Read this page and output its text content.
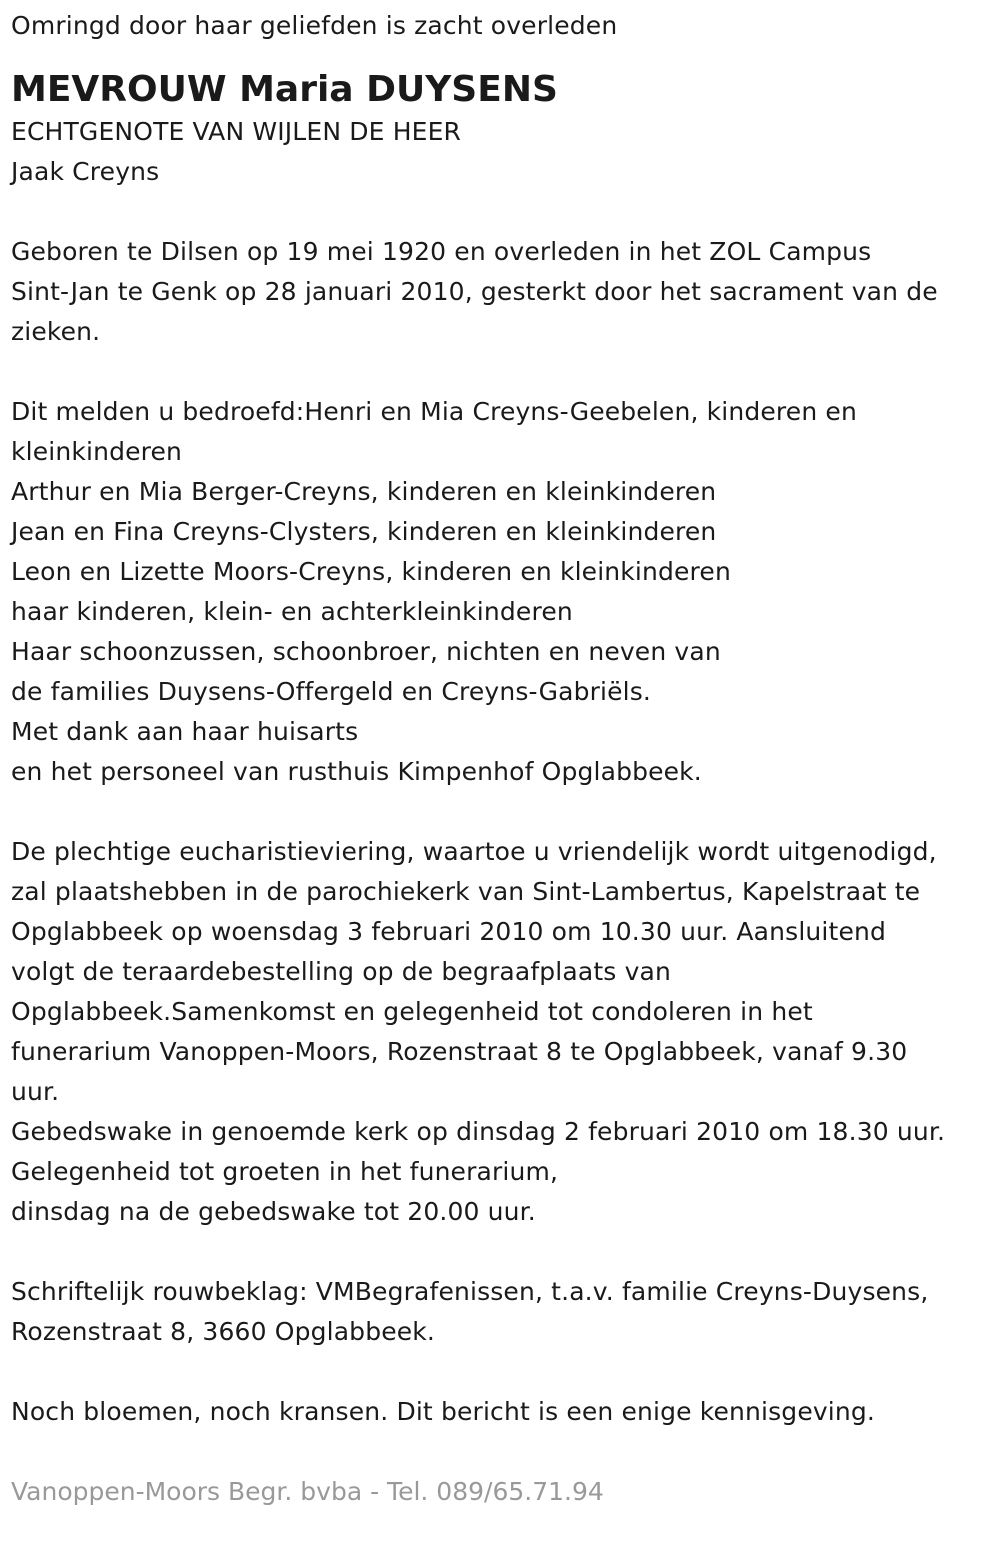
Omringd door haar geliefden is zacht overleden
MEVROUW Maria DUYSENS
ECHTGENOTE VAN WIJLEN DE HEER
Jaak Creyns
Geboren te Dilsen op 19 mei 1920 en overleden in het ZOL Campus
Sint-Jan te Genk op 28 januari 2010, gesterkt door het sacrament van de
zieken.
Dit melden u bedroefd:Henri en Mia Creyns-Geebelen, kinderen en
kleinkinderen
Arthur en Mia Berger-Creyns, kinderen en kleinkinderen
Jean en Fina Creyns-Clysters, kinderen en kleinkinderen
Leon en Lizette Moors-Creyns, kinderen en kleinkinderen
haar kinderen, klein- en achterkleinkinderen
Haar schoonzussen, schoonbroer, nichten en neven van
de families Duysens-Offergeld en Creyns-Gabriëls.
Met dank aan haar huisarts
en het personeel van rusthuis Kimpenhof Opglabbeek.
De plechtige eucharistieviering, waartoe u vriendelijk wordt uitgenodigd,
zal plaatshebben in de parochiekerk van Sint-Lambertus, Kapelstraat te
Opglabbeek op woensdag 3 februari 2010 om 10.30 uur. Aansluitend
volgt de teraardebestelling op de begraafplaats van
Opglabbeek.Samenkomst en gelegenheid tot condoleren in het
funerarium Vanoppen-Moors, Rozenstraat 8 te Opglabbeek, vanaf 9.30
uur.
Gebedswake in genoemde kerk op dinsdag 2 februari 2010 om 18.30 uur.
Gelegenheid tot groeten in het funerarium,
dinsdag na de gebedswake tot 20.00 uur.
Schriftelijk rouwbeklag: VMBegrafenissen, t.a.v. familie Creyns-Duysens,
Rozenstraat 8, 3660 Opglabbeek.
Noch bloemen, noch kransen. Dit bericht is een enige kennisgeving.
Vanoppen-Moors Begr. bvba - Tel. 089/65.71.94
